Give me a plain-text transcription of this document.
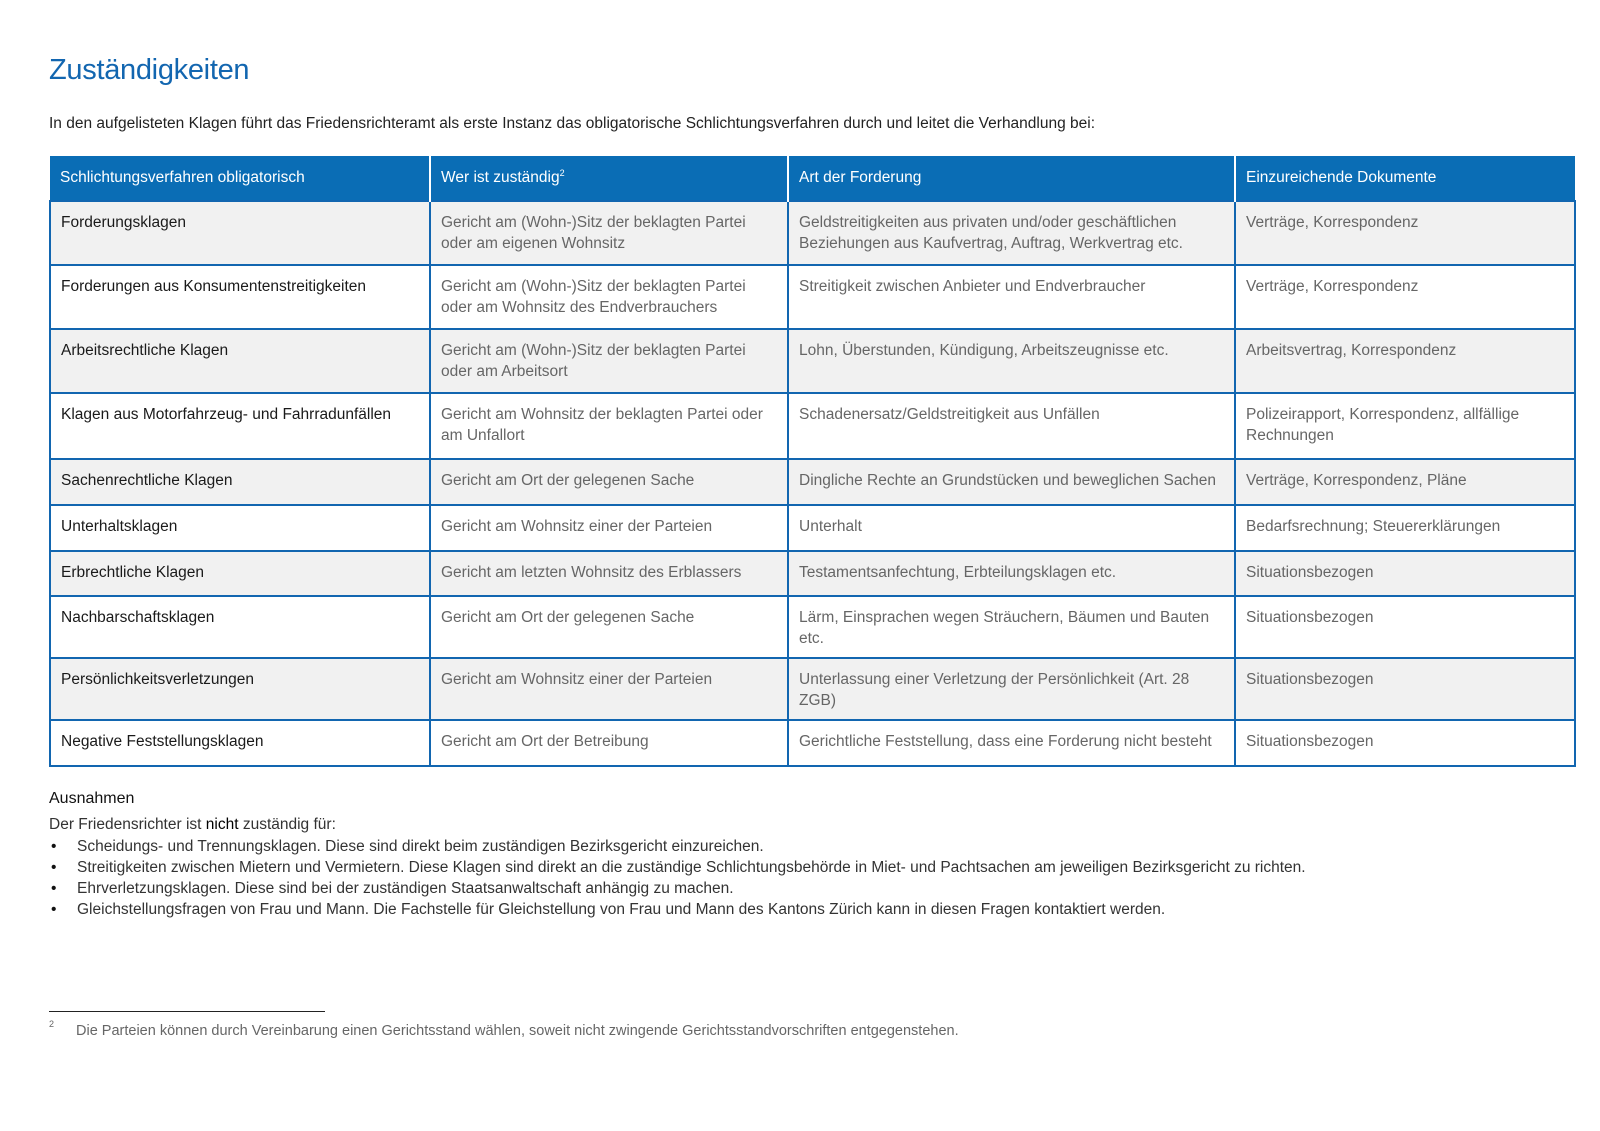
Zuständigkeiten

In den aufgelisteten Klagen führt das Friedensrichteramt als erste Instanz das obligatorische Schlichtungsverfahren durch und leitet die Verhandlung bei:

Schlichtungsverfahren obligatorisch	Wer ist zuständig$^2$	Art der Forderung	Einzureichende Dokumente
Forderungsklagen	Gericht am (Wohn-)Sitz der beklagten Partei oder am eigenen Wohnsitz	Geldstreitigkeiten aus privaten und/oder geschäftlichen Beziehungen aus Kaufvertrag, Auftrag, Werkvertrag etc.	Verträge, Korrespondenz
Forderungen aus Konsumentenstreitigkeiten	Gericht am (Wohn-)Sitz der beklagten Partei oder am Wohnsitz des Endverbrauchers	Streitigkeit zwischen Anbieter und Endverbraucher	Verträge, Korrespondenz
Arbeitsrechtliche Klagen	Gericht am (Wohn-)Sitz der beklagten Partei oder am Arbeitsort	Lohn, Überstunden, Kündigung, Arbeitszeugnisse etc.	Arbeitsvertrag, Korrespondenz
Klagen aus Motorfahrzeug- und Fahrradunfällen	Gericht am Wohnsitz der beklagten Partei oder am Unfallort	Schadenersatz/Geldstreitigkeit aus Unfällen	Polizeirapport, Korrespondenz, allfällige Rechnungen
Sachenrechtliche Klagen	Gericht am Ort der gelegenen Sache	Dingliche Rechte an Grundstücken und beweglichen Sachen	Verträge, Korrespondenz, Pläne
Unterhaltsklagen	Gericht am Wohnsitz einer der Parteien	Unterhalt	Bedarfsrechnung; Steuererklärungen
Erbrechtliche Klagen	Gericht am letzten Wohnsitz des Erblassers	Testamentsanfechtung, Erbteilungsklagen etc.	Situationsbezogen
Nachbarschaftsklagen	Gericht am Ort der gelegenen Sache	Lärm, Einsprachen wegen Sträuchern, Bäumen und Bauten etc.	Situationsbezogen
Persönlichkeitsverletzungen	Gericht am Wohnsitz einer der Parteien	Unterlassung einer Verletzung der Persönlichkeit (Art. 28 ZGB)	Situationsbezogen
Negative Feststellungsklagen	Gericht am Ort der Betreibung	Gerichtliche Feststellung, dass eine Forderung nicht besteht	Situationsbezogen
Ausnahmen

Der Friedensrichter ist nicht zuständig für:

• Scheidungs- und Trennungsklagen. Diese sind direkt beim zuständigen Bezirksgericht einzureichen.
• Streitigkeiten zwischen Mietern und Vermietern. Diese Klagen sind direkt an die zuständige Schlichtungsbehörde in Miet- und Pachtsachen am jeweiligen Bezirksgericht zu richten.
• Ehrverletzungsklagen. Diese sind bei der zuständigen Staatsanwaltschaft anhängig zu machen.
• Gleichstellungsfragen von Frau und Mann. Die Fachstelle für Gleichstellung von Frau und Mann des Kantons Zürich kann in diesen Fragen kontaktiert werden.
2 Die Parteien können durch Vereinbarung einen Gerichtsstand wählen, soweit nicht zwingende Gerichtsstandvorschriften entgegenstehen.
